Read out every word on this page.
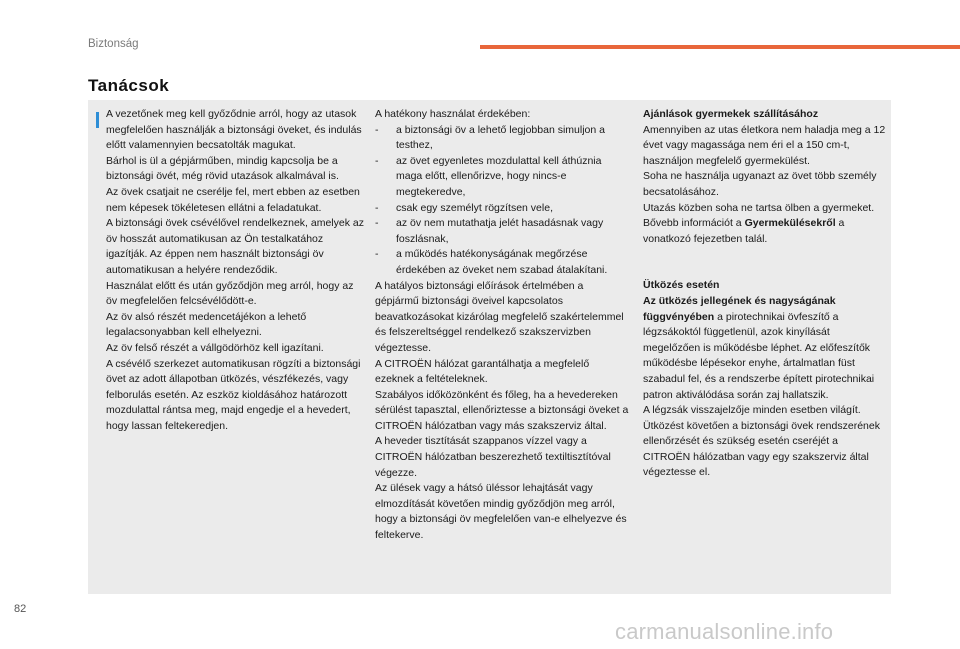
Biztonság
Tanácsok

A vezetőnek meg kell győződnie arról, hogy az utasok megfelelően használják a biztonsági öveket, és indulás előtt valamennyien becsatolták magukat.

Bárhol is ül a gépjárműben, mindig kapcsolja be a biztonsági övét, még rövid utazások alkalmával is.

Az övek csatjait ne cserélje fel, mert ebben az esetben nem képesek tökéletesen ellátni a feladatukat.

A biztonsági övek csévélővel rendelkeznek, amelyek az öv hosszát automatikusan az Ön testalkatához igazítják. Az éppen nem használt biztonsági öv automatikusan a helyére rendeződik.

Használat előtt és után győződjön meg arról, hogy az öv megfelelően felcsévélődött-e.

Az öv alsó részét medencetájékon a lehető legalacsonyabban kell elhelyezni.

Az öv felső részét a vállgödörhöz kell igazítani.

A csévélő szerkezet automatikusan rögzíti a biztonsági övet az adott állapotban ütközés, vészfékezés, vagy felborulás esetén. Az eszköz kioldásához határozott mozdulattal rántsa meg, majd engedje el a hevedert, hogy lassan feltekeredjen.

A hatékony használat érdekében:

-	a biztonsági öv a lehető legjobban simuljon a testhez,
-	az övet egyenletes mozdulattal kell áthúznia maga előtt, ellenőrizve, hogy nincs-e megtekeredve,
-	csak egy személyt rögzítsen vele,
-	az öv nem mutathatja jelét hasadásnak vagy foszlásnak,
-	a működés hatékonyságának megőrzése érdekében az öveket nem szabad átalakítani.

A hatályos biztonsági előírások értelmében a gépjármű biztonsági öveivel kapcsolatos beavatkozásokat kizárólag megfelelő szakértelemmel és felszereltséggel rendelkező szakszervizben végeztesse.

A CITROËN hálózat garantálhatja a megfelelő ezeknek a feltételeknek.

Szabályos időközönként és főleg, ha a hevedereken sérülést tapasztal, ellenőriztesse a biztonsági öveket a CITROËN hálózatban vagy más szakszerviz által.

A heveder tisztítását szappanos vízzel vagy a CITROËN hálózatban beszerezhető textiltisztítóval végezze.

Az ülések vagy a hátsó üléssor lehajtását vagy elmozdítását követően mindig győződjön meg arról, hogy a biztonsági öv megfelelően van-e elhelyezve és feltekerve.

Ajánlások gyermekek szállításához

Amennyiben az utas életkora nem haladja meg a 12 évet vagy magassága nem éri el a 150 cm-t, használjon megfelelő gyermekülést.

Soha ne használja ugyanazt az övet több személy becsatolásához.

Utazás közben soha ne tartsa ölben a gyermeket.

Bővebb információt a Gyermekülésekről a vonatkozó fejezetben talál.

Ütközés esetén

Az ütközés jellegének és nagyságának függvényében a pirotechnikai övfeszítő a légzsákoktól függetlenül, azok kinyílását megelőzően is működésbe léphet. Az előfeszítők működésbe lépésekor enyhe, ártalmatlan füst szabadul fel, és a rendszerbe épített pirotechnikai patron aktiválódása során zaj hallatszik.

A légzsák visszajelzője minden esetben világít.

Ütközést követően a biztonsági övek rendszerének ellenőrzését és szükség esetén cseréjét a CITROËN hálózatban vagy egy szakszerviz által végeztesse el.

82
carmanualsonline.info
